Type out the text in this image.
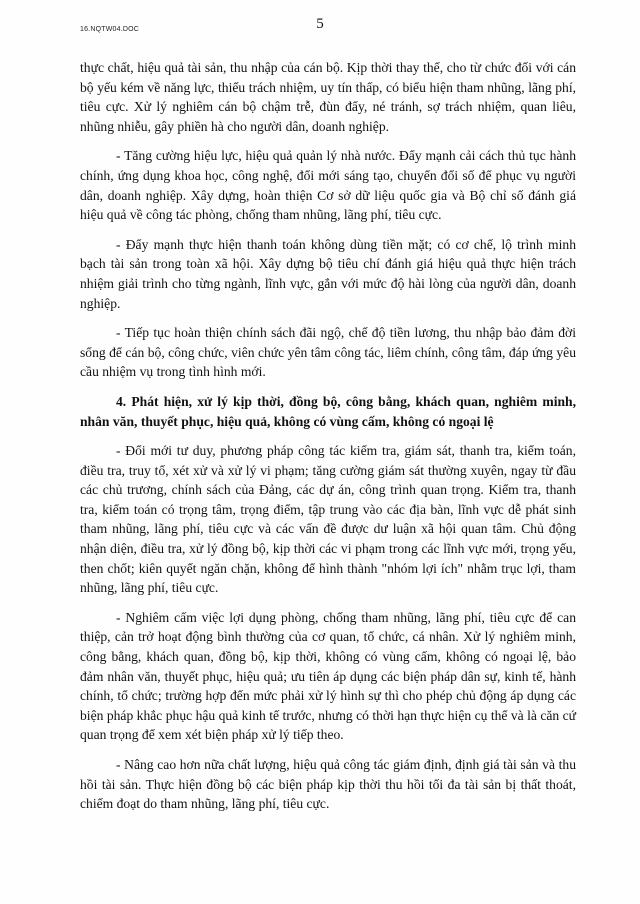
16.NQTW04.DOC	5

thực chất, hiệu quả tài sản, thu nhập của cán bộ. Kịp thời thay thế, cho từ chức đối với cán bộ yếu kém về năng lực, thiếu trách nhiệm, uy tín thấp, có biểu hiện tham nhũng, lãng phí, tiêu cực. Xử lý nghiêm cán bộ chậm trễ, đùn đẩy, né tránh, sợ trách nhiệm, quan liêu, nhũng nhiễu, gây phiền hà cho người dân, doanh nghiệp.

- Tăng cường hiệu lực, hiệu quả quản lý nhà nước. Đẩy mạnh cải cách thủ tục hành chính, ứng dụng khoa học, công nghệ, đổi mới sáng tạo, chuyển đổi số để phục vụ người dân, doanh nghiệp. Xây dựng, hoàn thiện Cơ sở dữ liệu quốc gia và Bộ chỉ số đánh giá hiệu quả về công tác phòng, chống tham nhũng, lãng phí, tiêu cực.

- Đẩy mạnh thực hiện thanh toán không dùng tiền mặt; có cơ chế, lộ trình minh bạch tài sản trong toàn xã hội. Xây dựng bộ tiêu chí đánh giá hiệu quả thực hiện trách nhiệm giải trình cho từng ngành, lĩnh vực, gắn với mức độ hài lòng của người dân, doanh nghiệp.

- Tiếp tục hoàn thiện chính sách đãi ngộ, chế độ tiền lương, thu nhập bảo đảm đời sống để cán bộ, công chức, viên chức yên tâm công tác, liêm chính, công tâm, đáp ứng yêu cầu nhiệm vụ trong tình hình mới.

4. Phát hiện, xử lý kịp thời, đồng bộ, công bằng, khách quan, nghiêm minh, nhân văn, thuyết phục, hiệu quả, không có vùng cấm, không có ngoại lệ

- Đổi mới tư duy, phương pháp công tác kiểm tra, giám sát, thanh tra, kiểm toán, điều tra, truy tố, xét xử và xử lý vi phạm; tăng cường giám sát thường xuyên, ngay từ đầu các chủ trương, chính sách của Đảng, các dự án, công trình quan trọng. Kiểm tra, thanh tra, kiểm toán có trọng tâm, trọng điểm, tập trung vào các địa bàn, lĩnh vực dễ phát sinh tham nhũng, lãng phí, tiêu cực và các vấn đề được dư luận xã hội quan tâm. Chủ động nhận diện, điều tra, xử lý đồng bộ, kịp thời các vi phạm trong các lĩnh vực mới, trọng yếu, then chốt; kiên quyết ngăn chặn, không để hình thành "nhóm lợi ích" nhằm trục lợi, tham nhũng, lãng phí, tiêu cực.

- Nghiêm cấm việc lợi dụng phòng, chống tham nhũng, lãng phí, tiêu cực để can thiệp, cản trở hoạt động bình thường của cơ quan, tổ chức, cá nhân. Xử lý nghiêm minh, công bằng, khách quan, đồng bộ, kịp thời, không có vùng cấm, không có ngoại lệ, bảo đảm nhân văn, thuyết phục, hiệu quả; ưu tiên áp dụng các biện pháp dân sự, kinh tế, hành chính, tổ chức; trường hợp đến mức phải xử lý hình sự thì cho phép chủ động áp dụng các biện pháp khắc phục hậu quả kinh tế trước, nhưng có thời hạn thực hiện cụ thể và là căn cứ quan trọng để xem xét biện pháp xử lý tiếp theo.

- Nâng cao hơn nữa chất lượng, hiệu quả công tác giám định, định giá tài sản và thu hồi tài sản. Thực hiện đồng bộ các biện pháp kịp thời thu hồi tối đa tài sản bị thất thoát, chiếm đoạt do tham nhũng, lãng phí, tiêu cực.
